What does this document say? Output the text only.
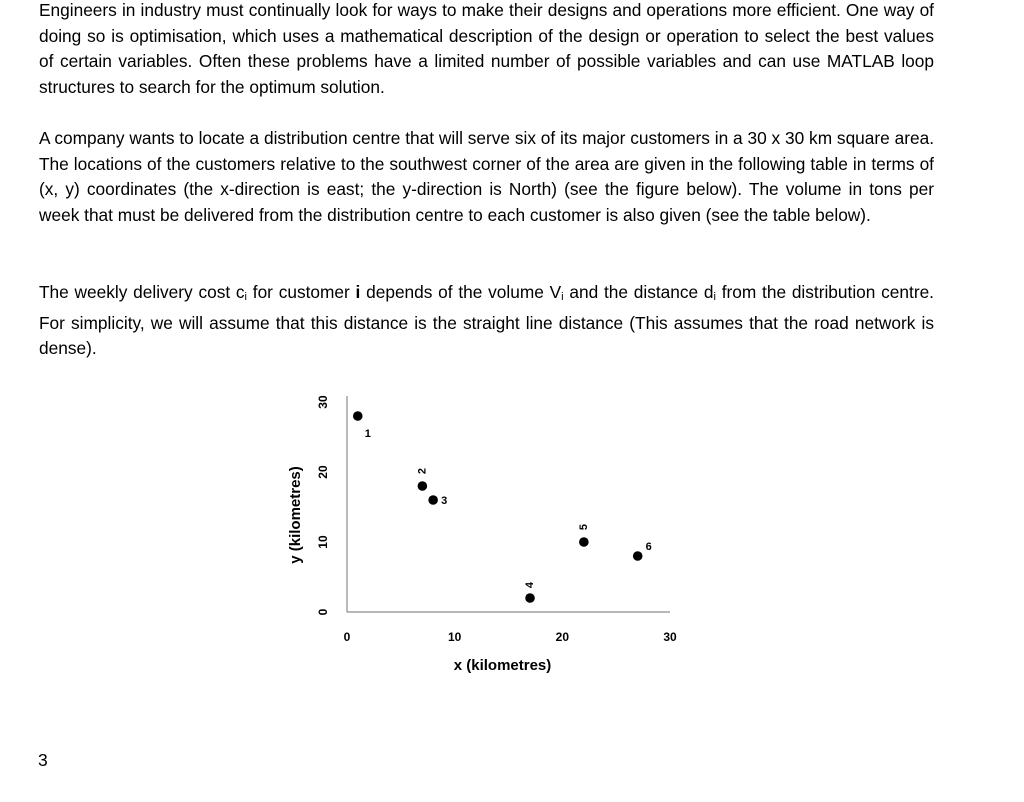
Engineers in industry must continually look for ways to make their designs and operations more efficient. One way of doing so is optimisation, which uses a mathematical description of the design or operation to select the best values of certain variables. Often these problems have a limited number of possible variables and can use MATLAB loop structures to search for the optimum solution.

A company wants to locate a distribution centre that will serve six of its major customers in a 30 x 30 km square area. The locations of the customers relative to the southwest corner of the area are given in the following table in terms of (x, y) coordinates (the x-direction is east; the y-direction is North) (see the figure below). The volume in tons per week that must be delivered from the distribution centre to each customer is also given (see the table below).

The weekly delivery cost ci for customer i depends of the volume Vi and the distance di from the distribution centre. For simplicity, we will assume that this distance is the straight line distance (This assumes that the road network is dense).

0	10	20	30
0
10
20
30
x (kilometres)
y (kilometres)
1
2
3
4
5
6
3
